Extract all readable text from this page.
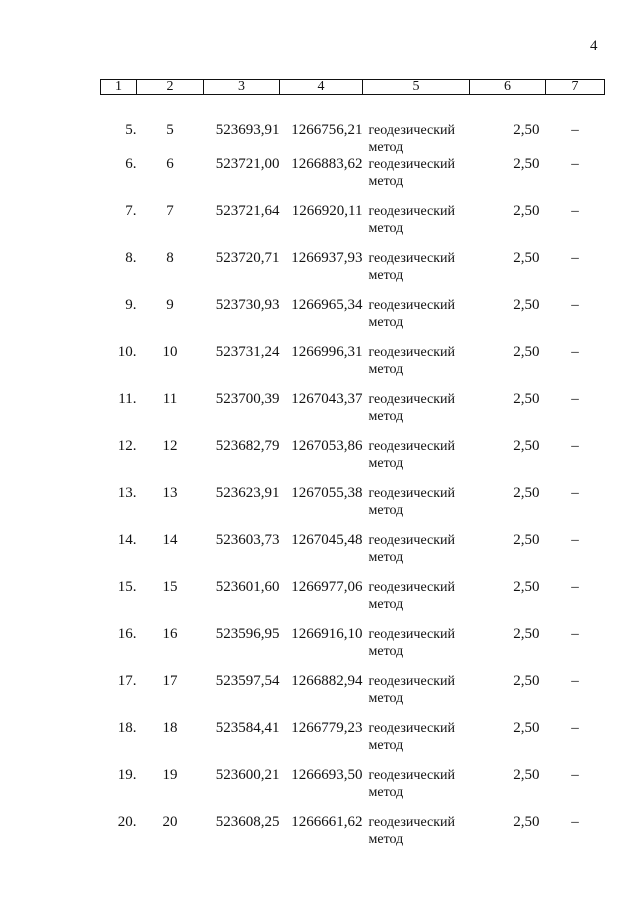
4
1	2	3	4	5	6	7
5.	5	523693,91	1266756,21	геодезический
метод	2,50	–
6.	6	523721,00	1266883,62	геодезический
метод	2,50	–
7.	7	523721,64	1266920,11	геодезический
метод	2,50	–
8.	8	523720,71	1266937,93	геодезический
метод	2,50	–
9.	9	523730,93	1266965,34	геодезический
метод	2,50	–
10.	10	523731,24	1266996,31	геодезический
метод	2,50	–
11.	11	523700,39	1267043,37	геодезический
метод	2,50	–
12.	12	523682,79	1267053,86	геодезический
метод	2,50	–
13.	13	523623,91	1267055,38	геодезический
метод	2,50	–
14.	14	523603,73	1267045,48	геодезический
метод	2,50	–
15.	15	523601,60	1266977,06	геодезический
метод	2,50	–
16.	16	523596,95	1266916,10	геодезический
метод	2,50	–
17.	17	523597,54	1266882,94	геодезический
метод	2,50	–
18.	18	523584,41	1266779,23	геодезический
метод	2,50	–
19.	19	523600,21	1266693,50	геодезический
метод	2,50	–
20.	20	523608,25	1266661,62	геодезический
метод	2,50	–
